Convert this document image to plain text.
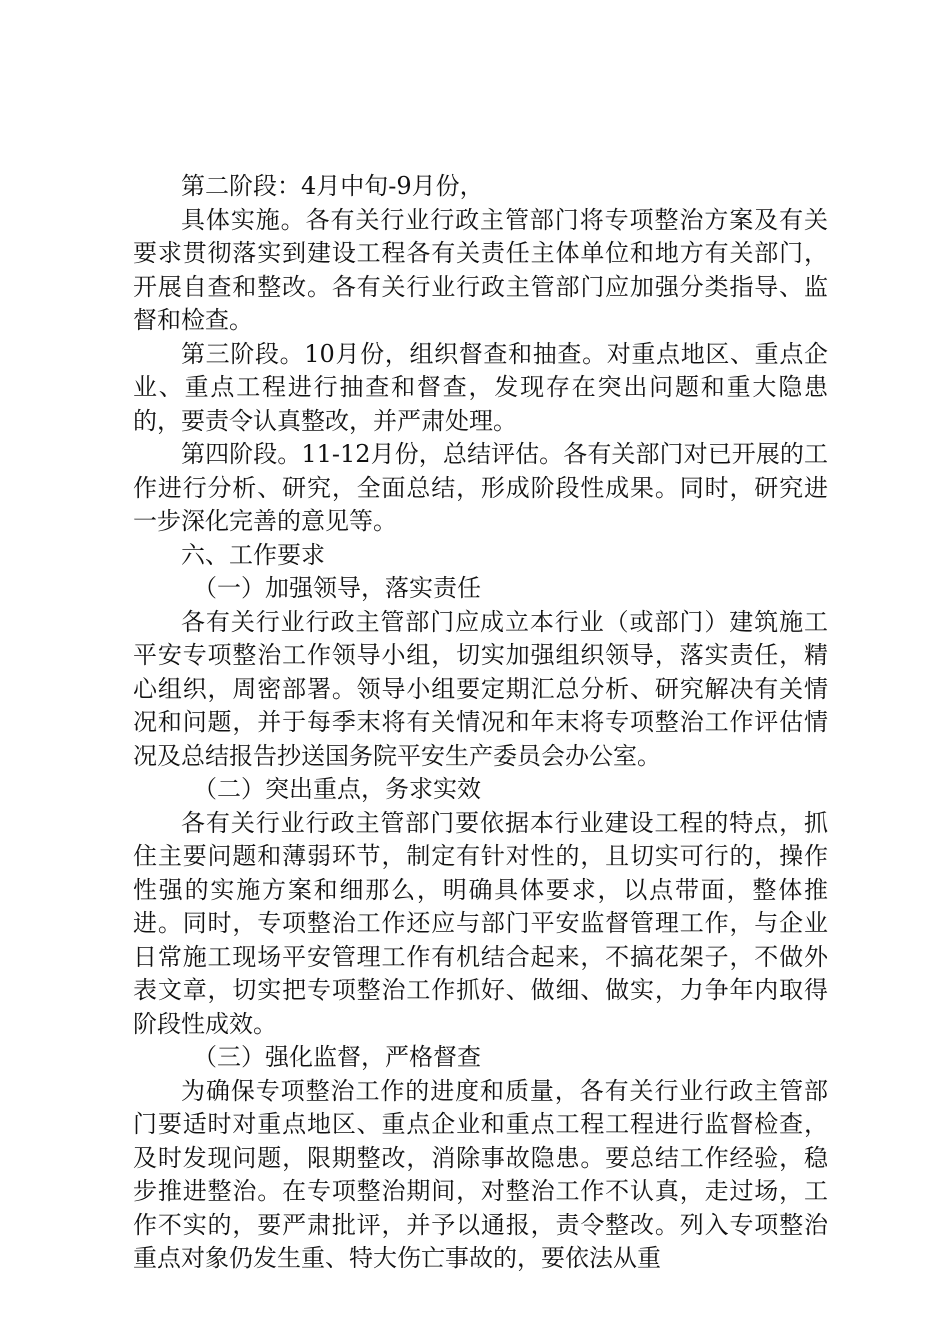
第二阶段：4月中旬-9月份，

具体实施。各有关行业行政主管部门将专项整治方案及有关要求贯彻落实到建设工程各有关责任主体单位和地方有关部门，开展自查和整改。各有关行业行政主管部门应加强分类指导、监督和检查。

第三阶段。10月份，组织督查和抽查。对重点地区、重点企业、重点工程进行抽查和督查，发现存在突出问题和重大隐患的，要责令认真整改，并严肃处理。

第四阶段。11-12月份，总结评估。各有关部门对已开展的工作进行分析、研究，全面总结，形成阶段性成果。同时，研究进一步深化完善的意见等。

六、工作要求

（一）加强领导，落实责任

各有关行业行政主管部门应成立本行业（或部门）建筑施工平安专项整治工作领导小组，切实加强组织领导，落实责任，精心组织，周密部署。领导小组要定期汇总分析、研究解决有关情况和问题，并于每季末将有关情况和年末将专项整治工作评估情况及总结报告抄送国务院平安生产委员会办公室。

（二）突出重点，务求实效

各有关行业行政主管部门要依据本行业建设工程的特点，抓住主要问题和薄弱环节，制定有针对性的，且切实可行的，操作性强的实施方案和细那么，明确具体要求，以点带面，整体推进。同时，专项整治工作还应与部门平安监督管理工作，与企业日常施工现场平安管理工作有机结合起来，不搞花架子，不做外表文章，切实把专项整治工作抓好、做细、做实，力争年内取得阶段性成效。

（三）强化监督，严格督查

为确保专项整治工作的进度和质量，各有关行业行政主管部门要适时对重点地区、重点企业和重点工程工程进行监督检查，及时发现问题，限期整改，消除事故隐患。要总结工作经验，稳步推进整治。在专项整治期间，对整治工作不认真，走过场，工作不实的，要严肃批评，并予以通报，责令整改。列入专项整治重点对象仍发生重、特大伤亡事故的，要依法从重
